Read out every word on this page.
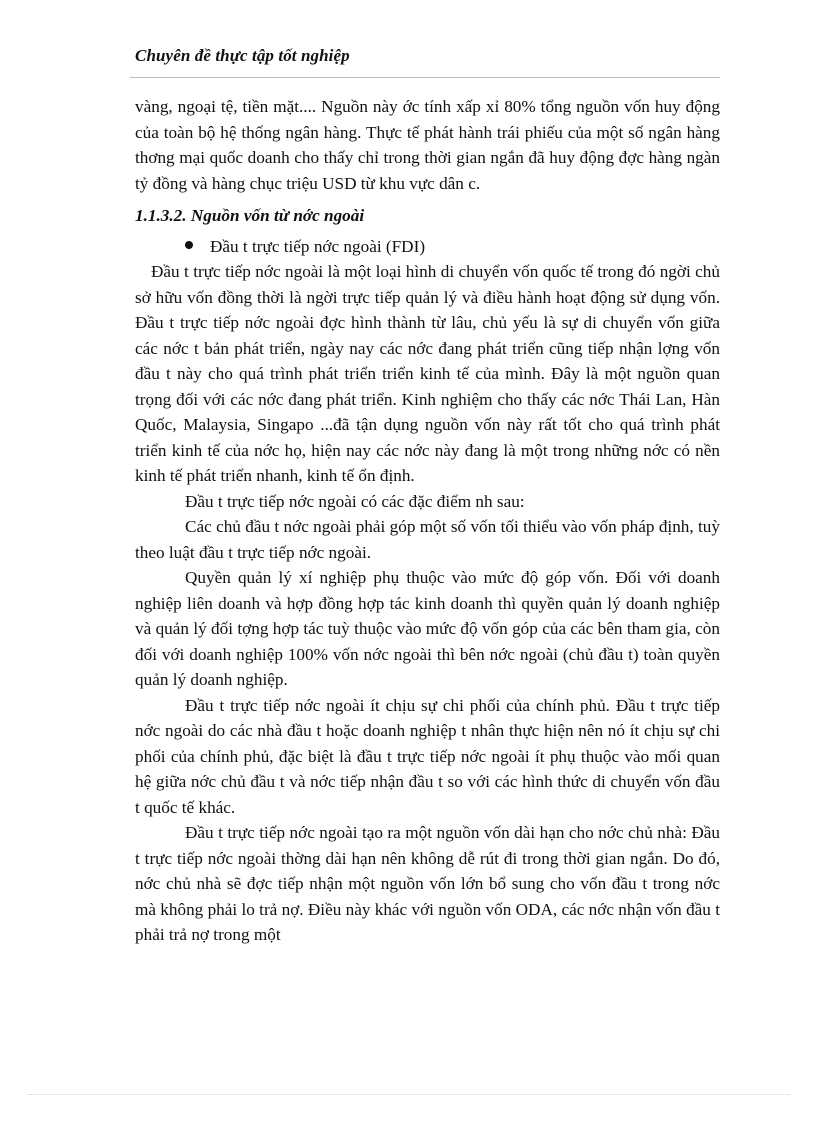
Chuyên đề thực tập tốt nghiệp

vàng, ngoại tệ, tiền mặt.... Nguồn này ớc tính xấp xỉ 80% tổng nguồn vốn huy động của toàn bộ hệ thống ngân hàng. Thực tế phát hành trái phiếu của một số ngân hàng thơng mại quốc doanh cho thấy chỉ trong thời gian ngắn đã huy động đợc hàng ngàn tỷ đồng và hàng chục triệu USD từ khu vực dân c.

1.1.3.2. Nguồn vốn từ nớc ngoài

Đầu t trực tiếp nớc ngoài (FDI)

Đầu t trực tiếp nớc ngoài là một loại hình di chuyển vốn quốc tế trong đó ngời chủ sở hữu vốn đồng thời là ngời trực tiếp quản lý và điều hành hoạt động sử dụng vốn. Đầu t trực tiếp nớc ngoài đợc hình thành từ lâu, chủ yếu là sự di chuyển vốn giữa các nớc t bản phát triển, ngày nay các nớc đang phát triển cũng tiếp nhận lợng vốn đầu t này cho quá trình phát triển triển kinh tế của mình. Đây là một nguồn quan trọng đối với các nớc đang phát triển. Kinh nghiệm cho thấy các nớc Thái Lan, Hàn Quốc, Malaysia, Singapo ...đã tận dụng nguồn vốn này rất tốt cho quá trình phát triển kinh tế của nớc họ, hiện nay các nớc này đang là một trong những nớc có nền kinh tế phát triển nhanh, kinh tế ổn định.

Đầu t trực tiếp nớc ngoài có các đặc điểm nh sau:

Các chủ đầu t nớc ngoài phải góp một số vốn tối thiểu vào vốn pháp định, tuỳ theo luật đầu t trực tiếp nớc ngoài.

Quyền quản lý xí nghiệp phụ thuộc vào mức độ góp vốn. Đối với doanh nghiệp liên doanh và hợp đồng hợp tác kinh doanh thì quyền quản lý doanh nghiệp và quản lý đối tợng hợp tác tuỳ thuộc vào mức độ vốn góp của các bên tham gia, còn đối với doanh nghiệp 100% vốn nớc ngoài thì bên nớc ngoài (chủ đầu t) toàn quyền quản lý doanh nghiệp.

Đầu t trực tiếp nớc ngoài ít chịu sự chi phối của chính phủ. Đầu t trực tiếp nớc ngoài do các nhà đầu t hoặc doanh nghiệp t nhân thực hiện nên nó ít chịu sự chi phối của chính phủ, đặc biệt là đầu t trực tiếp nớc ngoài ít phụ thuộc vào mối quan hệ giữa nớc chủ đầu t và nớc tiếp nhận đầu t so với các hình thức di chuyển vốn đầu t quốc tế khác.

Đầu t trực tiếp nớc ngoài tạo ra một nguồn vốn dài hạn cho nớc chủ nhà: Đầu t trực tiếp nớc ngoài thờng dài hạn nên không dễ rút đi trong thời gian ngắn. Do đó, nớc chủ nhà sẽ đợc tiếp nhận một nguồn vốn lớn bổ sung cho vốn đầu t trong nớc mà không phải lo trả nợ. Điều này khác với nguồn vốn ODA, các nớc nhận vốn đầu t phải trả nợ trong một
